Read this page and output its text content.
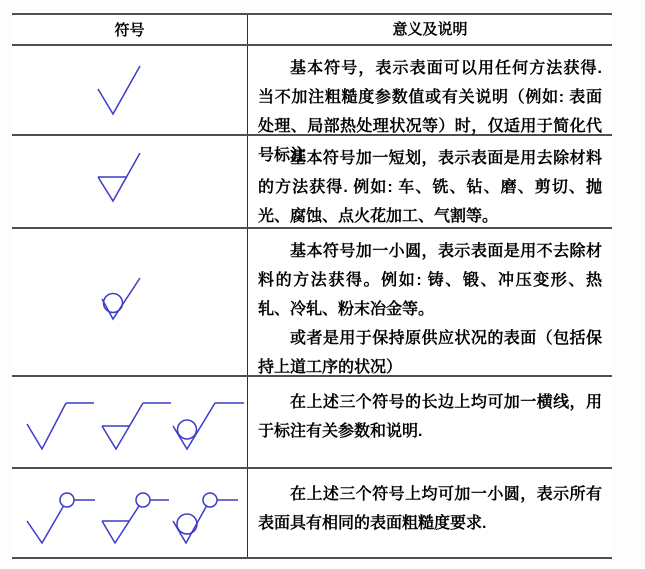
符号	意义及说明

基本符号，表示表面可以用任何方法获得. 当不加注粗糙度参数值或有关说明（例如: 表面处理、局部热处理状况等）时，仅适用于简化代号标注

基本符号加一短划，表示表面是用去除材料的方法获得. 例如: 车、铣、钻、磨、剪切、抛光、腐蚀、点火花加工、气割等。

基本符号加一小圆，表示表面是用不去除材料的方法获得。例如: 铸、锻、冲压变形、热轧、冷轧、粉末冶金等。

或者是用于保持原供应状况的表面（包括保持上道工序的状况）

在上述三个符号的长边上均可加一横线，用于标注有关参数和说明.

在上述三个符号上均可加一小圆，表示所有表面具有相同的表面粗糙度要求.
